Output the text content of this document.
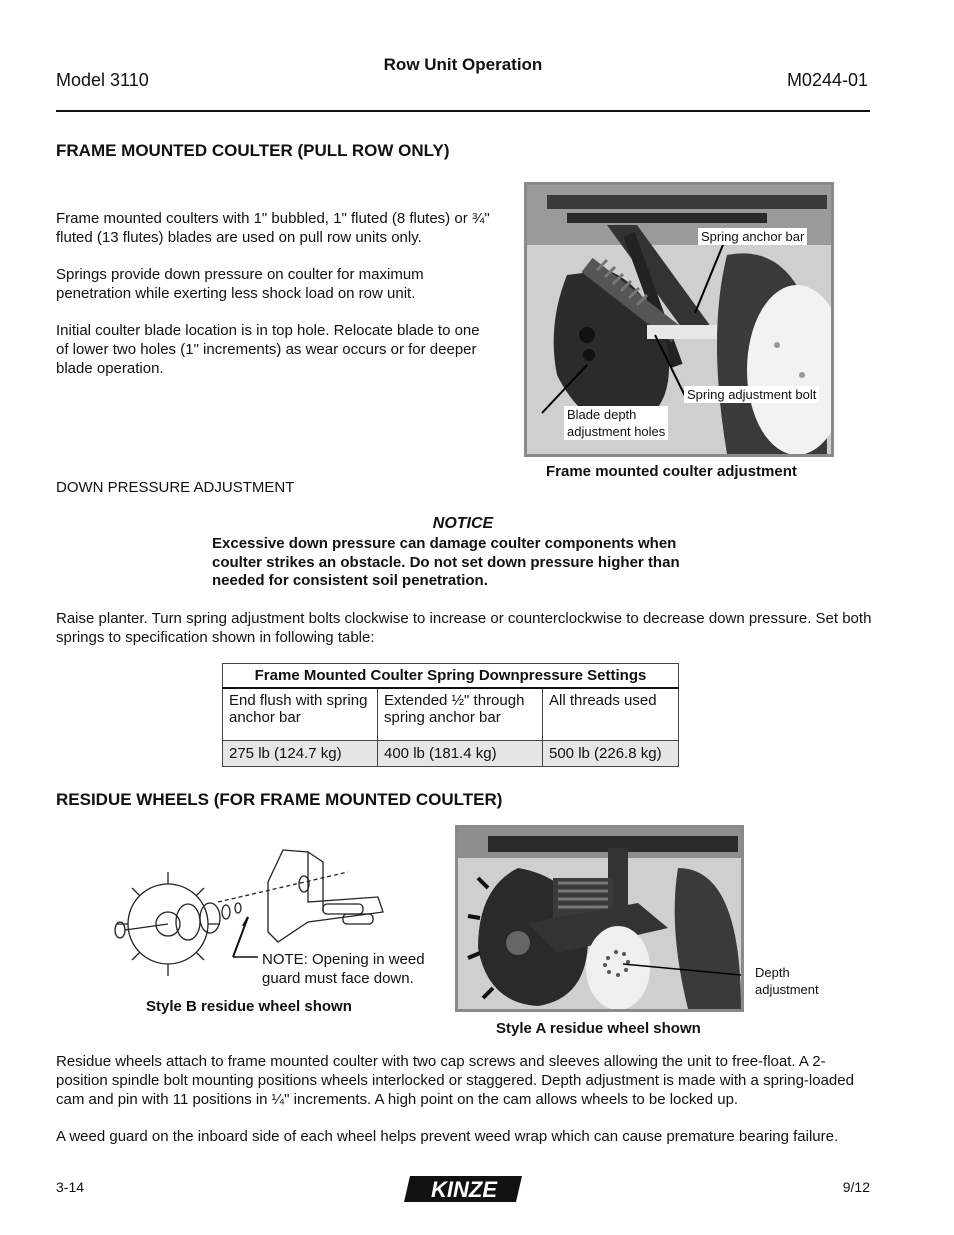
Model 3110
Row Unit Operation
M0244-01
FRAME MOUNTED COULTER (PULL ROW ONLY)
Frame mounted coulters with 1" bubbled, 1" fluted (8 flutes) or ¾" fluted (13 flutes) blades are used on pull row units only.
Springs provide down pressure on coulter for maximum penetration while exerting less shock load on row unit.
Initial coulter blade location is in top hole. Relocate blade to one of lower two holes (1" increments) as wear occurs or for deeper blade operation.
Spring anchor bar
Spring adjustment bolt
Blade depth
adjustment holes
Frame mounted coulter adjustment
DOWN PRESSURE ADJUSTMENT
NOTICE
Excessive down pressure can damage coulter components when coulter strikes an obstacle. Do not set down pressure higher than needed for consistent soil penetration.
Raise planter. Turn spring adjustment bolts clockwise to increase or counterclockwise to decrease down pressure. Set both springs to specification shown in following table:
Frame Mounted Coulter Spring Downpressure Settings		
End flush with spring anchor bar	Extended ½" through spring anchor bar	All threads used
275 lb (124.7 kg)	400 lb (181.4 kg)	500 lb (226.8 kg)
RESIDUE WHEELS (FOR FRAME MOUNTED COULTER)
NOTE: Opening in weed
guard must face down.
Style B residue wheel shown
Depth
adjustment
Style A residue wheel shown
Residue wheels attach to frame mounted coulter with two cap screws and sleeves allowing the unit to free-float. A 2-position spindle bolt mounting positions wheels interlocked or staggered. Depth adjustment is made with a spring-loaded cam and pin with 11 positions in ¼" increments. A high point on the cam allows wheels to be locked up.
A weed guard on the inboard side of each wheel helps prevent weed wrap which can cause premature bearing failure.
3-14	KINZE	9/12
